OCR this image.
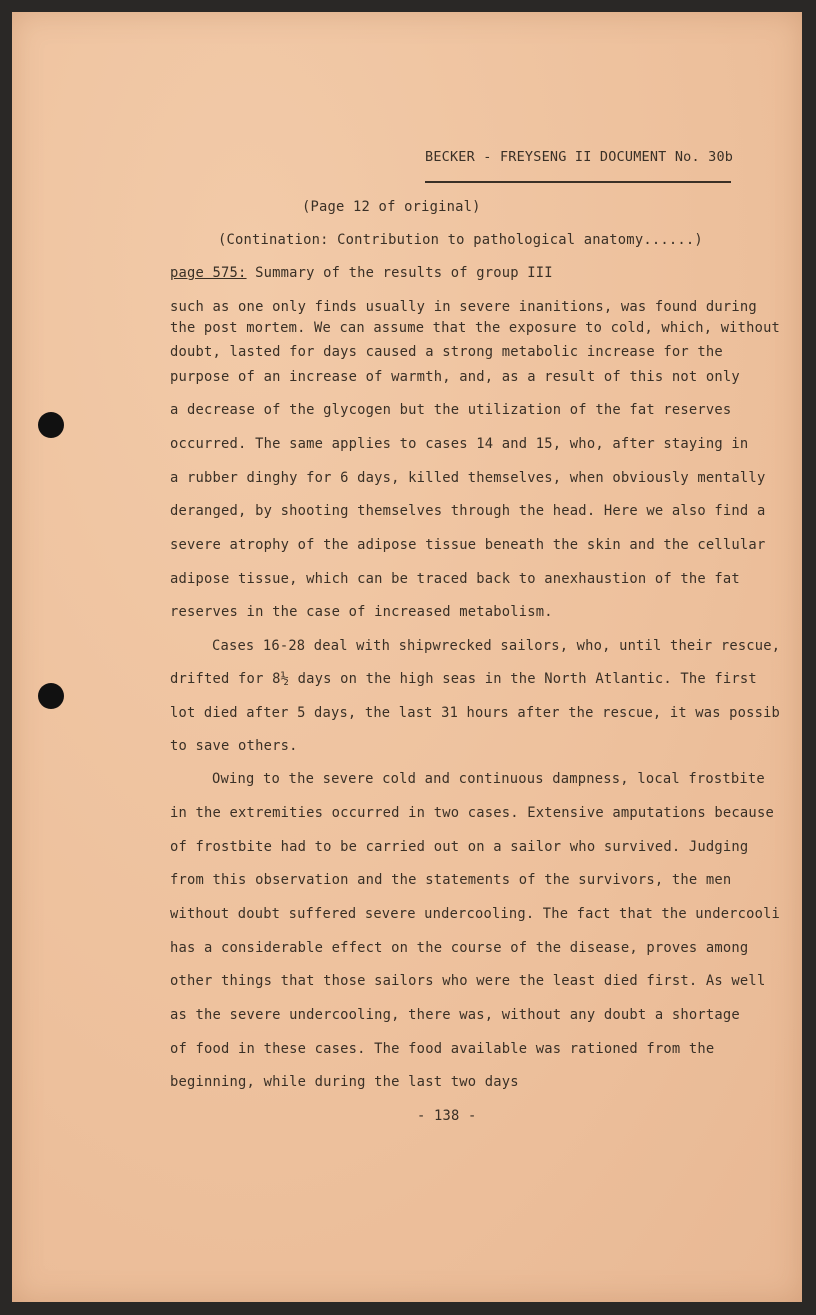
BECKER - FREYSENG II DOCUMENT No. 30b
(Page 12 of original)
(Contination: Contribution to pathological anatomy......)
page 575: Summary of the results of group III
such as one only finds usually in severe inanitions, was found during
the post mortem. We can assume that the exposure to cold, which, without
doubt, lasted for days caused a strong metabolic increase for the
purpose of an increase of warmth, and, as a result of this not only
a decrease of the glycogen but the utilization of the fat reserves
occurred. The same applies to cases 14 and 15, who, after staying in
a rubber dinghy for 6 days, killed themselves, when obviously mentally
deranged, by shooting themselves through the head. Here we also find a
severe atrophy of the adipose tissue beneath the skin and the cellular
adipose tissue, which can be traced back to anexhaustion of the fat
reserves in the case of increased metabolism.
Cases 16-28 deal with shipwrecked sailors, who, until their rescue,
drifted for 8½ days on the high seas in the North Atlantic. The first
lot died after 5 days, the last 31 hours after the rescue, it was possib
to save others.
Owing to the severe cold and continuous dampness, local frostbite
in the extremities occurred in two cases. Extensive amputations because
of frostbite had to be carried out on a sailor who survived. Judging
from this observation and the statements of the survivors, the men
without doubt suffered severe undercooling. The fact that the undercooli
has a considerable effect on the course of the disease, proves among
other things that those sailors who were the least died first. As well
as the severe undercooling, there was, without any doubt a shortage
of food in these cases. The food available was rationed from the
beginning, while during the last two days
- 138 -
